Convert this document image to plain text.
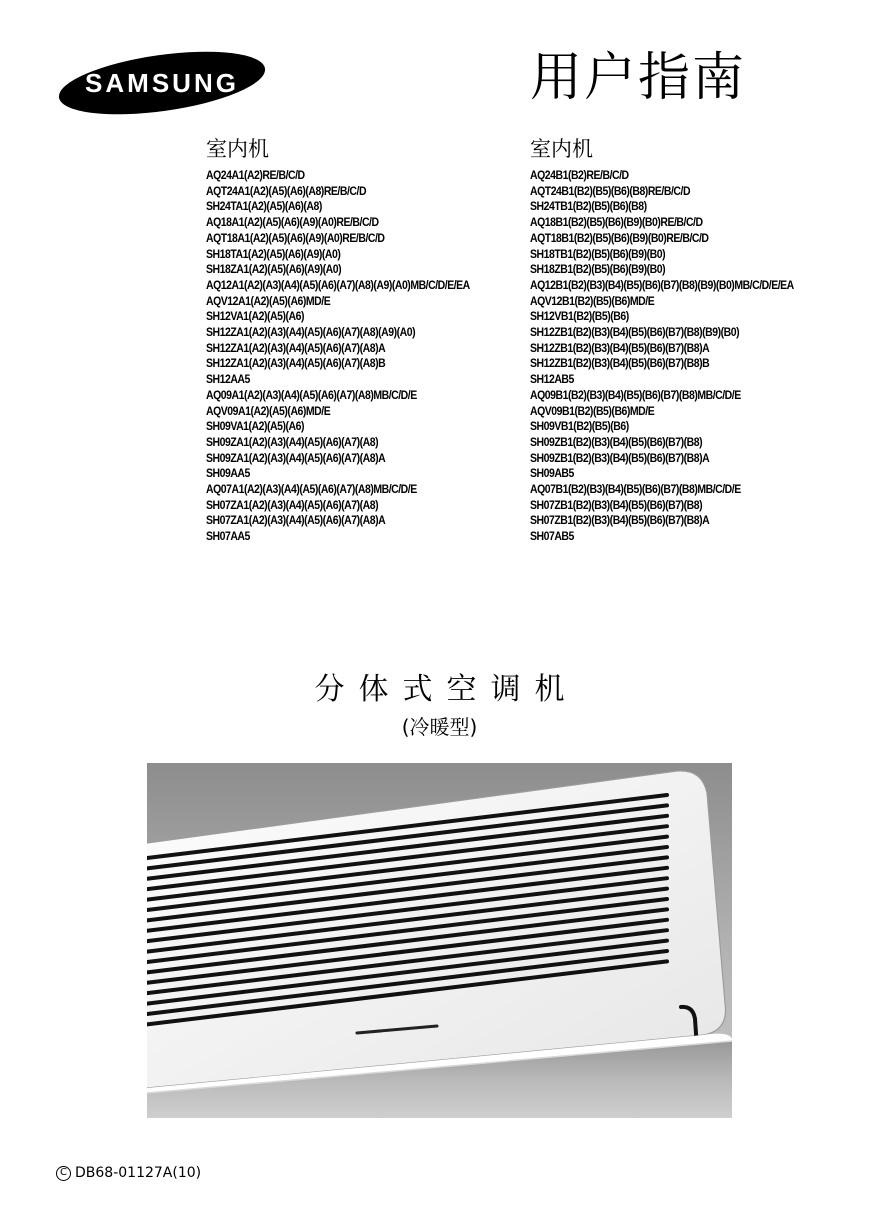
SAMSUNG	用户指南
室内机
AQ24A1(A2)RE/B/C/D
AQT24A1(A2)(A5)(A6)(A8)RE/B/C/D
SH24TA1(A2)(A5)(A6)(A8)
AQ18A1(A2)(A5)(A6)(A9)(A0)RE/B/C/D
AQT18A1(A2)(A5)(A6)(A9)(A0)RE/B/C/D
SH18TA1(A2)(A5)(A6)(A9)(A0)
SH18ZA1(A2)(A5)(A6)(A9)(A0)
AQ12A1(A2)(A3)(A4)(A5)(A6)(A7)(A8)(A9)(A0)MB/C/D/E/EA
AQV12A1(A2)(A5)(A6)MD/E
SH12VA1(A2)(A5)(A6)
SH12ZA1(A2)(A3)(A4)(A5)(A6)(A7)(A8)(A9)(A0)
SH12ZA1(A2)(A3)(A4)(A5)(A6)(A7)(A8)A
SH12ZA1(A2)(A3)(A4)(A5)(A6)(A7)(A8)B
SH12AA5
AQ09A1(A2)(A3)(A4)(A5)(A6)(A7)(A8)MB/C/D/E
AQV09A1(A2)(A5)(A6)MD/E
SH09VA1(A2)(A5)(A6)
SH09ZA1(A2)(A3)(A4)(A5)(A6)(A7)(A8)
SH09ZA1(A2)(A3)(A4)(A5)(A6)(A7)(A8)A
SH09AA5
AQ07A1(A2)(A3)(A4)(A5)(A6)(A7)(A8)MB/C/D/E
SH07ZA1(A2)(A3)(A4)(A5)(A6)(A7)(A8)
SH07ZA1(A2)(A3)(A4)(A5)(A6)(A7)(A8)A
SH07AA5
室内机
AQ24B1(B2)RE/B/C/D
AQT24B1(B2)(B5)(B6)(B8)RE/B/C/D
SH24TB1(B2)(B5)(B6)(B8)
AQ18B1(B2)(B5)(B6)(B9)(B0)RE/B/C/D
AQT18B1(B2)(B5)(B6)(B9)(B0)RE/B/C/D
SH18TB1(B2)(B5)(B6)(B9)(B0)
SH18ZB1(B2)(B5)(B6)(B9)(B0)
AQ12B1(B2)(B3)(B4)(B5)(B6)(B7)(B8)(B9)(B0)MB/C/D/E/EA
AQV12B1(B2)(B5)(B6)MD/E
SH12VB1(B2)(B5)(B6)
SH12ZB1(B2)(B3)(B4)(B5)(B6)(B7)(B8)(B9)(B0)
SH12ZB1(B2)(B3)(B4)(B5)(B6)(B7)(B8)A
SH12ZB1(B2)(B3)(B4)(B5)(B6)(B7)(B8)B
SH12AB5
AQ09B1(B2)(B3)(B4)(B5)(B6)(B7)(B8)MB/C/D/E
AQV09B1(B2)(B5)(B6)MD/E
SH09VB1(B2)(B5)(B6)
SH09ZB1(B2)(B3)(B4)(B5)(B6)(B7)(B8)
SH09ZB1(B2)(B3)(B4)(B5)(B6)(B7)(B8)A
SH09AB5
AQ07B1(B2)(B3)(B4)(B5)(B6)(B7)(B8)MB/C/D/E
SH07ZB1(B2)(B3)(B4)(B5)(B6)(B7)(B8)
SH07ZB1(B2)(B3)(B4)(B5)(B6)(B7)(B8)A
SH07AB5
分体式空调机
(冷暖型)
C DB68-01127A(10)
